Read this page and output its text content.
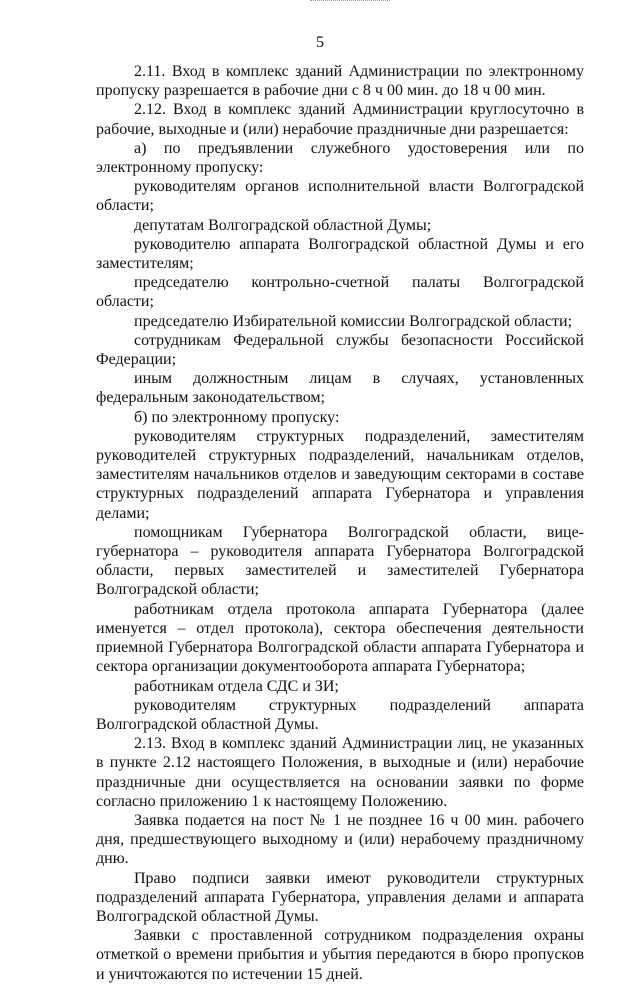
5

2.11. Вход в комплекс зданий Администрации по электронному пропуску разрешается в рабочие дни с 8 ч 00 мин. до 18 ч 00 мин.

2.12. Вход в комплекс зданий Администрации круглосуточно в рабочие, выходные и (или) нерабочие праздничные дни разрешается:

а) по предъявлении служебного удостоверения или по электронному пропуску:

руководителям органов исполнительной власти Волгоградской области;

депутатам Волгоградской областной Думы;

руководителю аппарата Волгоградской областной Думы и его заместителям;

председателю контрольно-счетной палаты Волгоградской области;

председателю Избирательной комиссии Волгоградской области;

сотрудникам Федеральной службы безопасности Российской Федерации;

иным должностным лицам в случаях, установленных федеральным законодательством;

б) по электронному пропуску:

руководителям структурных подразделений, заместителям руководителей структурных подразделений, начальникам отделов, заместителям начальников отделов и заведующим секторами в составе структурных подразделений аппарата Губернатора и управления делами;

помощникам Губернатора Волгоградской области, вице-губернатора – руководителя аппарата Губернатора Волгоградской области, первых заместителей и заместителей Губернатора Волгоградской области;

работникам отдела протокола аппарата Губернатора (далее именуется – отдел протокола), сектора обеспечения деятельности приемной Губернатора Волгоградской области аппарата Губернатора и сектора организации документооборота аппарата Губернатора;

работникам отдела СДС и ЗИ;

руководителям структурных подразделений аппарата Волгоградской областной Думы.

2.13. Вход в комплекс зданий Администрации лиц, не указанных в пункте 2.12 настоящего Положения, в выходные и (или) нерабочие праздничные дни осуществляется на основании заявки по форме согласно приложению 1 к настоящему Положению.

Заявка подается на пост № 1 не позднее 16 ч 00 мин. рабочего дня, предшествующего выходному и (или) нерабочему праздничному дню.

Право подписи заявки имеют руководители структурных подразделений аппарата Губернатора, управления делами и аппарата Волгоградской областной Думы.

Заявки с проставленной сотрудником подразделения охраны отметкой о времени прибытия и убытия передаются в бюро пропусков и уничтожаются по истечении 15 дней.
